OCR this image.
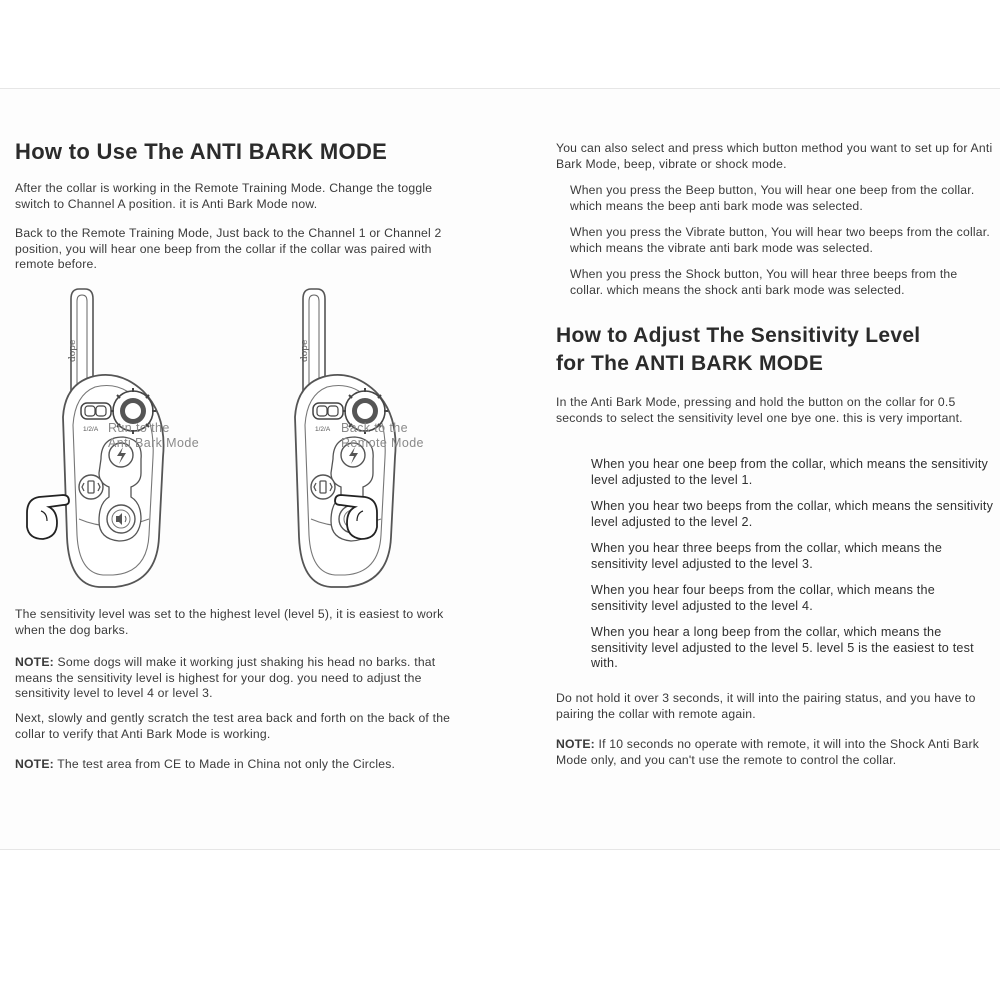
How to Use The ANTI BARK MODE

After the collar is working in the Remote Training Mode. Change the toggle switch to Channel A position. it is Anti Bark Mode now.

Back to the Remote Training Mode, Just back to the Channel 1 or Channel 2 position, you will hear one beep from the collar if the collar was paired with remote before.

dope
1/2/A
dope
1/2/A
Run to the
Anti Bark Mode
Back to the
Remote Mode

The sensitivity level was set to the highest level (level 5), it is easiest to work when the dog barks.

NOTE: Some dogs will make it working just shaking his head no barks. that means the sensitivity level is highest for your dog. you need to adjust the sensitivity level to level 4 or level 3.

Next, slowly and gently scratch the test area back and forth on the back of the collar to verify that Anti Bark Mode is working.

NOTE: The test area from CE to Made in China not only the Circles.

You can also select and press which button method you want to set up for Anti Bark Mode, beep, vibrate or shock mode.

When you press the Beep button, You will hear one beep from the collar. which means the beep anti bark mode was selected.

When you press the Vibrate button, You will hear two beeps from the collar. which means the vibrate anti bark mode was selected.

When you press the Shock button, You will hear three beeps from the collar. which means the shock anti bark mode was selected.

How to Adjust The Sensitivity Level
for The ANTI BARK MODE

In the Anti Bark Mode, pressing and hold the button on the collar for 0.5 seconds to select the sensitivity level one bye one. this is very important.

When you hear one beep from the collar, which means the sensitivity level adjusted to the level 1.

When you hear two beeps from the collar, which means the sensitivity level adjusted to the level 2.

When you hear three beeps from the collar, which means the sensitivity level adjusted to the level 3.

When you hear four beeps from the collar, which means the sensitivity level adjusted to the level 4.

When you hear a long beep from the collar, which means the sensitivity level adjusted to the level 5. level 5 is the easiest to test with.

Do not hold it over 3 seconds, it will into the pairing status, and you have to pairing the collar with remote again.

NOTE: If 10 seconds no operate with remote, it will into the Shock Anti Bark Mode only, and you can't use the remote to control the collar.
